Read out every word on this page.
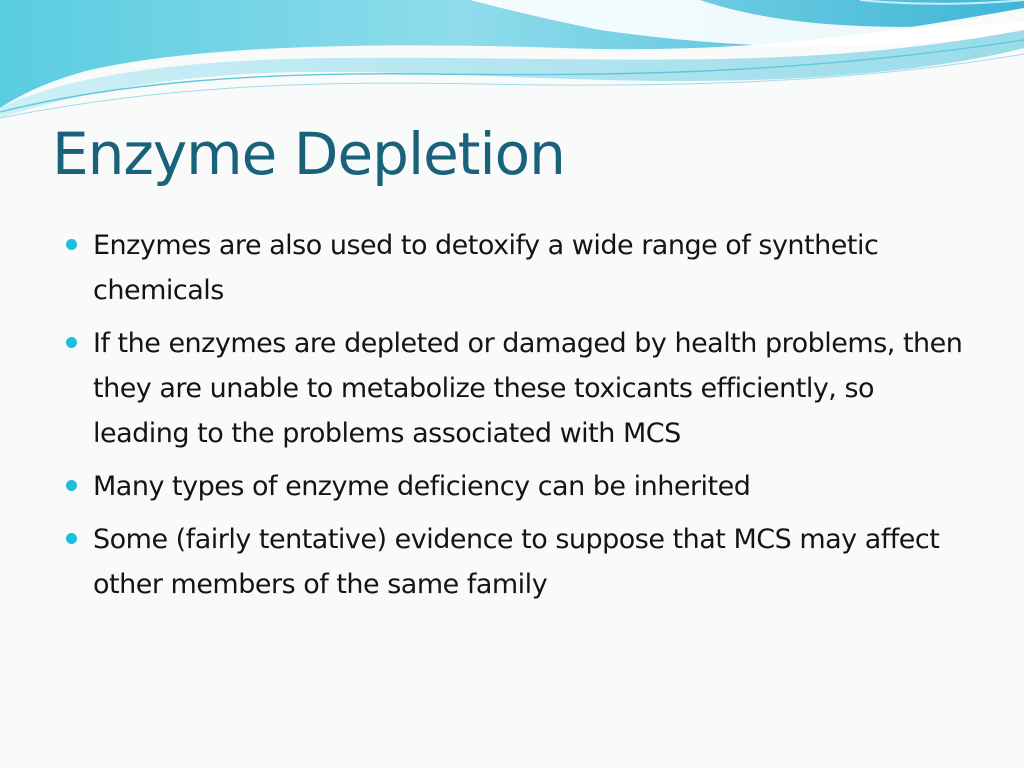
Enzyme Depletion
Enzymes are also used to detoxify a wide range of synthetic chemicals
If the enzymes are depleted or damaged by health problems, then they are unable to metabolize these toxicants efficiently, so leading to the problems associated with MCS
Many types of enzyme deficiency can be inherited
Some (fairly tentative) evidence to suppose that MCS may affect other members of the same family
